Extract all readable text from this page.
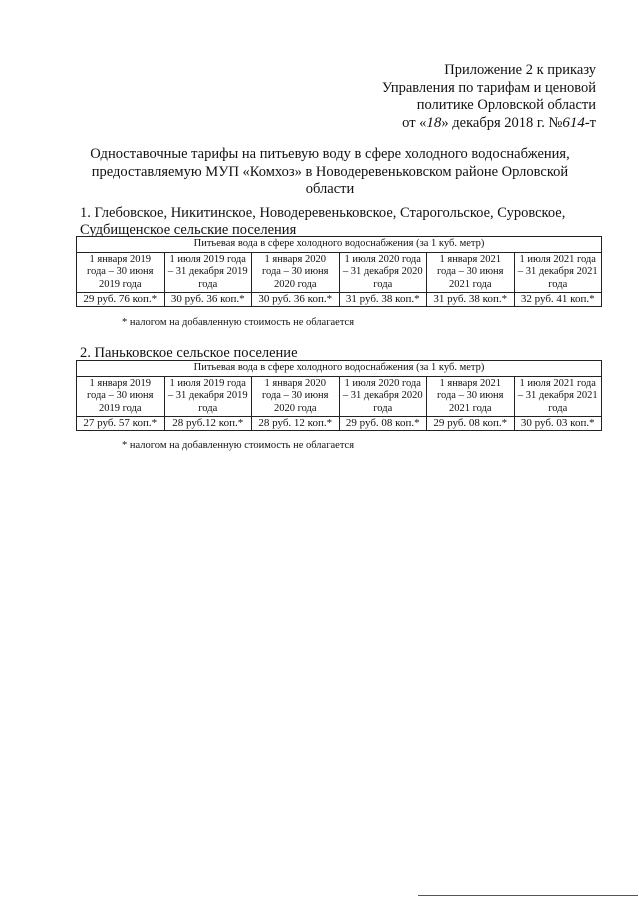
Приложение 2 к приказу
Управления по тарифам и ценовой
политике Орловской области
от «18» декабря 2018 г. №614-т
Одноставочные тарифы на питьевую воду в сфере холодного водоснабжения,
предоставляемую МУП «Комхоз» в Новодеревеньковском районе Орловской
области
1. Глебовское, Никитинское, Новодеревеньковское, Старогольское, Суровское, Судбищенское сельские поселения
Питьевая вода в сфере холодного водоснабжения (за 1 куб. метр)					
1 января 2019 года – 30 июня 2019 года	1 июля 2019 года – 31 декабря 2019 года	1 января 2020 года – 30 июня 2020 года	1 июля 2020 года – 31 декабря 2020 года	1 января 2021 года – 30 июня 2021 года	1 июля 2021 года – 31 декабря 2021 года
29 руб. 76 коп.*	30 руб. 36 коп.*	30 руб. 36 коп.*	31 руб. 38 коп.*	31 руб. 38 коп.*	32 руб. 41 коп.*
* налогом на добавленную стоимость не облагается
2. Паньковское сельское поселение
Питьевая вода в сфере холодного водоснабжения (за 1 куб. метр)					
1 января 2019 года – 30 июня 2019 года	1 июля 2019 года – 31 декабря 2019 года	1 января 2020 года – 30 июня 2020 года	1 июля 2020 года – 31 декабря 2020 года	1 января 2021 года – 30 июня 2021 года	1 июля 2021 года – 31 декабря 2021 года
27 руб. 57 коп.*	28 руб.12 коп.*	28 руб. 12 коп.*	29 руб. 08 коп.*	29 руб. 08 коп.*	30 руб. 03 коп.*
* налогом на добавленную стоимость не облагается
